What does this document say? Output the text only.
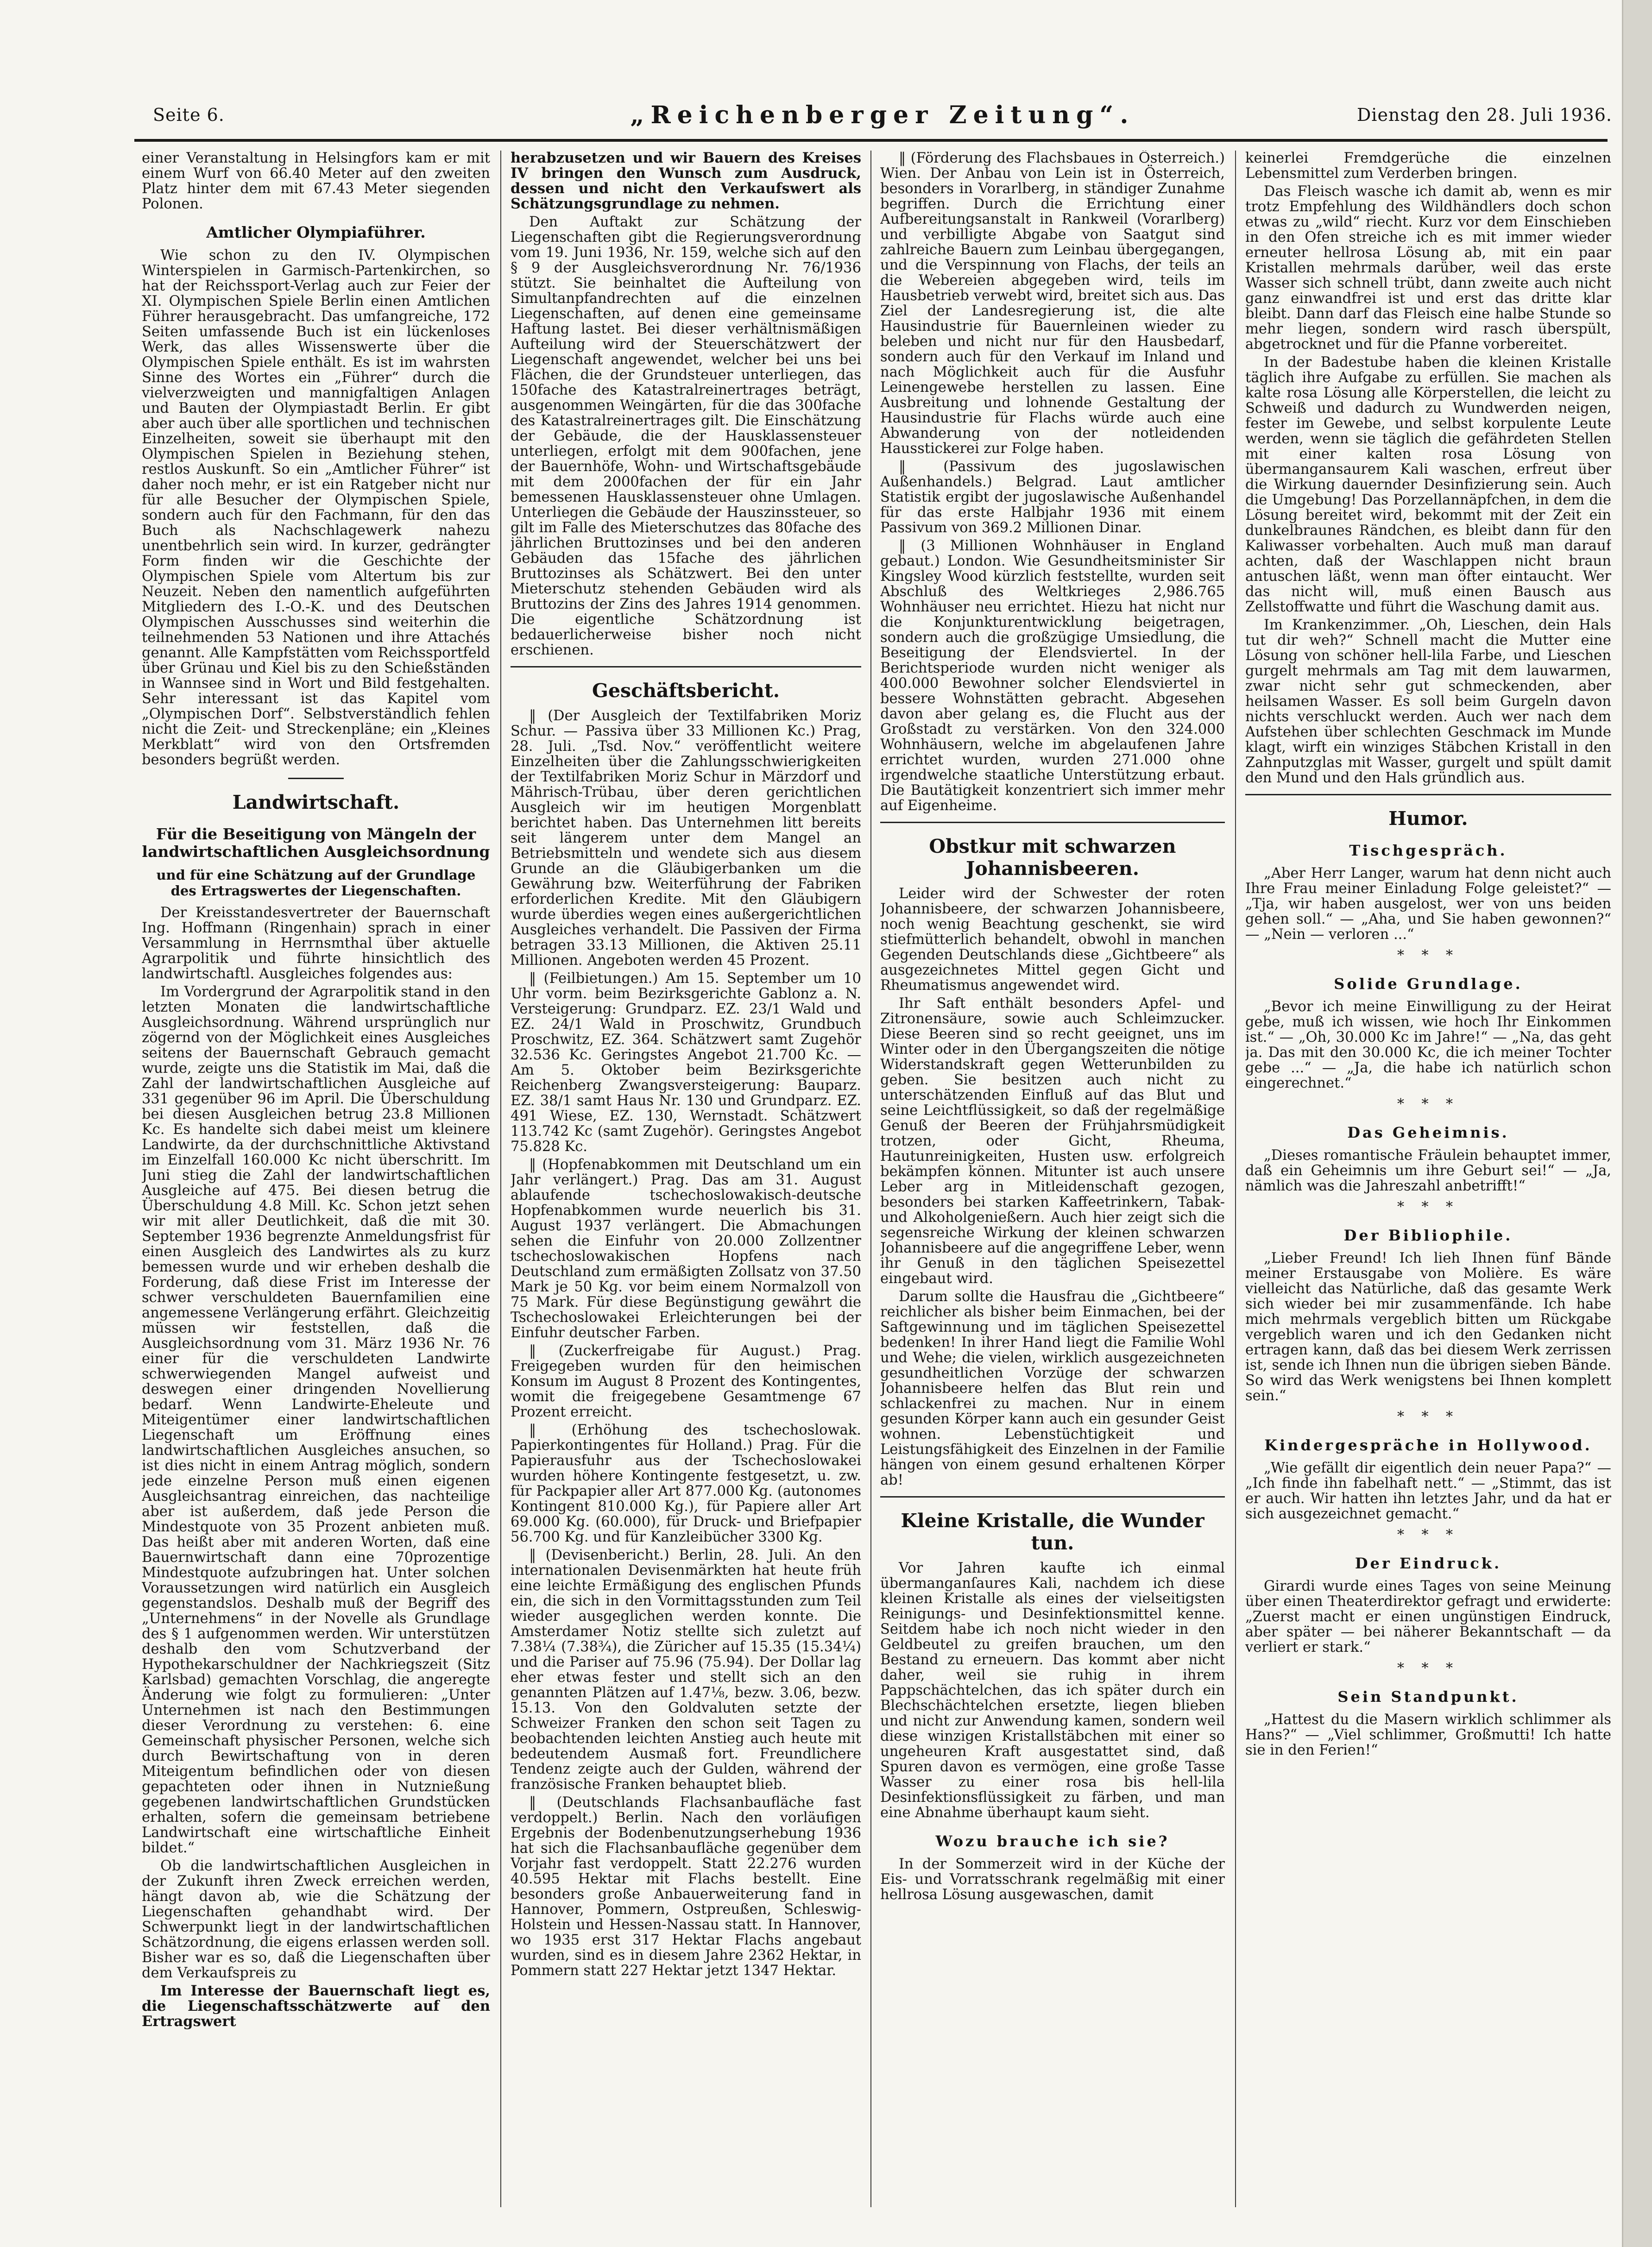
Seite 6.	„Reichenberger Zeitung“.	Dienstag den 28. Juli 1936.

einer Veranstaltung in Helsingfors kam er mit einem Wurf von 66.40 Meter auf den zweiten Platz hinter dem mit 67.43 Meter siegenden Polonen.

Amtlicher Olympiaführer.

Wie schon zu den IV. Olympischen Winterspielen in Garmisch-Partenkirchen, so hat der Reichssport-Verlag auch zur Feier der XI. Olympischen Spiele Berlin einen Amtlichen Führer herausgebracht. Das umfangreiche, 172 Seiten umfassende Buch ist ein lückenloses Werk, das alles Wissenswerte über die Olympischen Spiele enthält. Es ist im wahrsten Sinne des Wortes ein „Führer“ durch die vielverzweigten und mannigfaltigen Anlagen und Bauten der Olympiastadt Berlin. Er gibt aber auch über alle sportlichen und technischen Einzelheiten, soweit sie überhaupt mit den Olympischen Spielen in Beziehung stehen, restlos Auskunft. So ein „Amtlicher Führer“ ist daher noch mehr, er ist ein Ratgeber nicht nur für alle Besucher der Olympischen Spiele, sondern auch für den Fachmann, für den das Buch als Nachschlagewerk nahezu unentbehrlich sein wird. In kurzer, gedrängter Form finden wir die Geschichte der Olympischen Spiele vom Altertum bis zur Neuzeit. Neben den namentlich aufgeführten Mitgliedern des I.-O.-K. und des Deutschen Olympischen Ausschusses sind weiterhin die teilnehmenden 53 Nationen und ihre Attachés genannt. Alle Kampfstätten vom Reichssportfeld über Grünau und Kiel bis zu den Schießständen in Wannsee sind in Wort und Bild festgehalten. Sehr interessant ist das Kapitel vom „Olympischen Dorf“. Selbstverständlich fehlen nicht die Zeit- und Streckenpläne; ein „Kleines Merkblatt“ wird von den Ortsfremden besonders begrüßt werden.

Landwirtschaft.
Für die Beseitigung von Mängeln der landwirtschaftlichen Ausgleichsordnung
und für eine Schätzung auf der Grundlage des Ertragswertes der Liegenschaften.

Der Kreisstandesvertreter der Bauernschaft Ing. Hoffmann (Ringenhain) sprach in einer Versammlung in Herrnsmthal über aktuelle Agrarpolitik und führte hinsichtlich des landwirtschaftl. Ausgleiches folgendes aus:

Im Vordergrund der Agrarpolitik stand in den letzten Monaten die landwirtschaftliche Ausgleichsordnung. Während ursprünglich nur zögernd von der Möglichkeit eines Ausgleiches seitens der Bauernschaft Gebrauch gemacht wurde, zeigte uns die Statistik im Mai, daß die Zahl der landwirtschaftlichen Ausgleiche auf 331 gegenüber 96 im April. Die Überschuldung bei diesen Ausgleichen betrug 23.8 Millionen Kc. Es handelte sich dabei meist um kleinere Landwirte, da der durchschnittliche Aktivstand im Einzelfall 160.000 Kc nicht überschritt. Im Juni stieg die Zahl der landwirtschaftlichen Ausgleiche auf 475. Bei diesen betrug die Überschuldung 4.8 Mill. Kc. Schon jetzt sehen wir mit aller Deutlichkeit, daß die mit 30. September 1936 begrenzte Anmeldungsfrist für einen Ausgleich des Landwirtes als zu kurz bemessen wurde und wir erheben deshalb die Forderung, daß diese Frist im Interesse der schwer verschuldeten Bauernfamilien eine angemessene Verlängerung erfährt. Gleichzeitig müssen wir feststellen, daß die Ausgleichsordnung vom 31. März 1936 Nr. 76 einer für die verschuldeten Landwirte schwerwiegenden Mangel aufweist und deswegen einer dringenden Novellierung bedarf. Wenn Landwirte-Eheleute und Miteigentümer einer landwirtschaftlichen Liegenschaft um Eröffnung eines landwirtschaftlichen Ausgleiches ansuchen, so ist dies nicht in einem Antrag möglich, sondern jede einzelne Person muß einen eigenen Ausgleichsantrag einreichen, das nachteilige aber ist außerdem, daß jede Person die Mindestquote von 35 Prozent anbieten muß. Das heißt aber mit anderen Worten, daß eine Bauernwirtschaft dann eine 70prozentige Mindestquote aufzubringen hat. Unter solchen Voraussetzungen wird natürlich ein Ausgleich gegenstandslos. Deshalb muß der Begriff des „Unternehmens“ in der Novelle als Grundlage des § 1 aufgenommen werden. Wir unterstützen deshalb den vom Schutzverband der Hypothekarschuldner der Nachkriegszeit (Sitz Karlsbad) gemachten Vorschlag, die angeregte Änderung wie folgt zu formulieren: „Unter Unternehmen ist nach den Bestimmungen dieser Verordnung zu verstehen: 6. eine Gemeinschaft physischer Personen, welche sich durch Bewirtschaftung von in deren Miteigentum befindlichen oder von diesen gepachteten oder ihnen in Nutznießung gegebenen landwirtschaftlichen Grundstücken erhalten, sofern die gemeinsam betriebene Landwirtschaft eine wirtschaftliche Einheit bildet.“

Ob die landwirtschaftlichen Ausgleichen in der Zukunft ihren Zweck erreichen werden, hängt davon ab, wie die Schätzung der Liegenschaften gehandhabt wird. Der Schwerpunkt liegt in der landwirtschaftlichen Schätzordnung, die eigens erlassen werden soll. Bisher war es so, daß die Liegenschaften über dem Verkaufspreis zu

Im Interesse der Bauernschaft liegt es, die Liegenschaftsschätzwerte auf den Ertragswert

herabzusetzen und wir Bauern des Kreises IV bringen den Wunsch zum Ausdruck, dessen und nicht den Verkaufswert als Schätzungsgrundlage zu nehmen.

Den Auftakt zur Schätzung der Liegenschaften gibt die Regierungsverordnung vom 19. Juni 1936, Nr. 159, welche sich auf den § 9 der Ausgleichsverordnung Nr. 76/1936 stützt. Sie beinhaltet die Aufteilung von Simultanpfandrechten auf die einzelnen Liegenschaften, auf denen eine gemeinsame Haftung lastet. Bei dieser verhältnismäßigen Aufteilung wird der Steuerschätzwert der Liegenschaft angewendet, welcher bei uns bei Flächen, die der Grundsteuer unterliegen, das 150fache des Katastralreinertrages beträgt, ausgenommen Weingärten, für die das 300fache des Katastralreinertrages gilt. Die Einschätzung der Gebäude, die der Hausklassensteuer unterliegen, erfolgt mit dem 900fachen, jene der Bauernhöfe, Wohn- und Wirtschaftsgebäude mit dem 2000fachen der für ein Jahr bemessenen Hausklassensteuer ohne Umlagen. Unterliegen die Gebäude der Hauszinssteuer, so gilt im Falle des Mieterschutzes das 80fache des jährlichen Bruttozinses und bei den anderen Gebäuden das 15fache des jährlichen Bruttozinses als Schätzwert. Bei den unter Mieterschutz stehenden Gebäuden wird als Bruttozins der Zins des Jahres 1914 genommen. Die eigentliche Schätzordnung ist bedauerlicherweise bisher noch nicht erschienen.

Geschäftsbericht.

‖ (Der Ausgleich der Textilfabriken Moriz Schur. — Passiva über 33 Millionen Kc.) Prag, 28. Juli. „Tsd. Nov.“ veröffentlicht weitere Einzelheiten über die Zahlungsschwierigkeiten der Textilfabriken Moriz Schur in Märzdorf und Mährisch-Trübau, über deren gerichtlichen Ausgleich wir im heutigen Morgenblatt berichtet haben. Das Unternehmen litt bereits seit längerem unter dem Mangel an Betriebsmitteln und wendete sich aus diesem Grunde an die Gläubigerbanken um die Gewährung bzw. Weiterführung der Fabriken erforderlichen Kredite. Mit den Gläubigern wurde überdies wegen eines außergerichtlichen Ausgleiches verhandelt. Die Passiven der Firma betragen 33.13 Millionen, die Aktiven 25.11 Millionen. Angeboten werden 45 Prozent.

‖ (Feilbietungen.) Am 15. September um 10 Uhr vorm. beim Bezirksgerichte Gablonz a. N. Versteigerung: Grundparz. EZ. 23/1 Wald und EZ. 24/1 Wald in Proschwitz, Grundbuch Proschwitz, EZ. 364. Schätzwert samt Zugehör 32.536 Kc. Geringstes Angebot 21.700 Kc. — Am 5. Oktober beim Bezirksgerichte Reichenberg Zwangsversteigerung: Bauparz. EZ. 38/1 samt Haus Nr. 130 und Grundparz. EZ. 491 Wiese, EZ. 130, Wernstadt. Schätzwert 113.742 Kc (samt Zugehör). Geringstes Angebot 75.828 Kc.

‖ (Hopfenabkommen mit Deutschland um ein Jahr verlängert.) Prag. Das am 31. August ablaufende tschechoslowakisch-deutsche Hopfenabkommen wurde neuerlich bis 31. August 1937 verlängert. Die Abmachungen sehen die Einfuhr von 20.000 Zollzentner tschechoslowakischen Hopfens nach Deutschland zum ermäßigten Zollsatz von 37.50 Mark je 50 Kg. vor beim einem Normalzoll von 75 Mark. Für diese Begünstigung gewährt die Tschechoslowakei Erleichterungen bei der Einfuhr deutscher Farben.

‖ (Zuckerfreigabe für August.) Prag. Freigegeben wurden für den heimischen Konsum im August 8 Prozent des Kontingentes, womit die freigegebene Gesamtmenge 67 Prozent erreicht.

‖ (Erhöhung des tschechoslowak. Papierkontingentes für Holland.) Prag. Für die Papierausfuhr aus der Tschechoslowakei wurden höhere Kontingente festgesetzt, u. zw. für Packpapier aller Art 877.000 Kg. (autonomes Kontingent 810.000 Kg.), für Papiere aller Art 69.000 Kg. (60.000), für Druck- und Briefpapier 56.700 Kg. und für Kanzleibücher 3300 Kg.

‖ (Devisenbericht.) Berlin, 28. Juli. An den internationalen Devisenmärkten hat heute früh eine leichte Ermäßigung des englischen Pfunds ein, die sich in den Vormittagsstunden zum Teil wieder ausgeglichen werden konnte. Die Amsterdamer Notiz stellte sich zuletzt auf 7.38¼ (7.38¾), die Züricher auf 15.35 (15.34¼) und die Pariser auf 75.96 (75.94). Der Dollar lag eher etwas fester und stellt sich an den genannten Plätzen auf 1.47⅛, bezw. 3.06, bezw. 15.13. Von den Goldvaluten setzte der Schweizer Franken den schon seit Tagen zu beobachtenden leichten Anstieg auch heute mit bedeutendem Ausmaß fort. Freundlichere Tendenz zeigte auch der Gulden, während der französische Franken behauptet blieb.

‖ (Deutschlands Flachsanbaufläche fast verdoppelt.) Berlin. Nach den vorläufigen Ergebnis der Bodenbenutzungserhebung 1936 hat sich die Flachsanbaufläche gegenüber dem Vorjahr fast verdoppelt. Statt 22.276 wurden 40.595 Hektar mit Flachs bestellt. Eine besonders große Anbauerweiterung fand in Hannover, Pommern, Ostpreußen, Schleswig-Holstein und Hessen-Nassau statt. In Hannover, wo 1935 erst 317 Hektar Flachs angebaut wurden, sind es in diesem Jahre 2362 Hektar, in Pommern statt 227 Hektar jetzt 1347 Hektar.

‖ (Förderung des Flachsbaues in Österreich.) Wien. Der Anbau von Lein ist in Österreich, besonders in Vorarlberg, in ständiger Zunahme begriffen. Durch die Errichtung einer Aufbereitungsanstalt in Rankweil (Vorarlberg) und verbilligte Abgabe von Saatgut sind zahlreiche Bauern zum Leinbau übergegangen, und die Verspinnung von Flachs, der teils an die Webereien abgegeben wird, teils im Hausbetrieb verwebt wird, breitet sich aus. Das Ziel der Landesregierung ist, die alte Hausindustrie für Bauernleinen wieder zu beleben und nicht nur für den Hausbedarf, sondern auch für den Verkauf im Inland und nach Möglichkeit auch für die Ausfuhr Leinengewebe herstellen zu lassen. Eine Ausbreitung und lohnende Gestaltung der Hausindustrie für Flachs würde auch eine Abwanderung von der notleidenden Hausstickerei zur Folge haben.

‖ (Passivum des jugoslawischen Außenhandels.) Belgrad. Laut amtlicher Statistik ergibt der jugoslawische Außenhandel für das erste Halbjahr 1936 mit einem Passivum von 369.2 Millionen Dinar.

‖ (3 Millionen Wohnhäuser in England gebaut.) London. Wie Gesundheitsminister Sir Kingsley Wood kürzlich feststellte, wurden seit Abschluß des Weltkrieges 2,986.765 Wohnhäuser neu errichtet. Hiezu hat nicht nur die Konjunkturentwicklung beigetragen, sondern auch die großzügige Umsiedlung, die Beseitigung der Elendsviertel. In der Berichtsperiode wurden nicht weniger als 400.000 Bewohner solcher Elendsviertel in bessere Wohnstätten gebracht. Abgesehen davon aber gelang es, die Flucht aus der Großstadt zu verstärken. Von den 324.000 Wohnhäusern, welche im abgelaufenen Jahre errichtet wurden, wurden 271.000 ohne irgendwelche staatliche Unterstützung erbaut. Die Bautätigkeit konzentriert sich immer mehr auf Eigenheime.

Obstkur mit schwarzen Johannisbeeren.

Leider wird der Schwester der roten Johannisbeere, der schwarzen Johannisbeere, noch wenig Beachtung geschenkt, sie wird stiefmütterlich behandelt, obwohl in manchen Gegenden Deutschlands diese „Gichtbeere“ als ausgezeichnetes Mittel gegen Gicht und Rheumatismus angewendet wird.

Ihr Saft enthält besonders Apfel- und Zitronensäure, sowie auch Schleimzucker. Diese Beeren sind so recht geeignet, uns im Winter oder in den Übergangszeiten die nötige Widerstandskraft gegen Wetterunbilden zu geben. Sie besitzen auch nicht zu unterschätzenden Einfluß auf das Blut und seine Leichtflüssigkeit, so daß der regelmäßige Genuß der Beeren der Frühjahrsmüdigkeit trotzen, oder Gicht, Rheuma, Hautunreinigkeiten, Husten usw. erfolgreich bekämpfen können. Mitunter ist auch unsere Leber arg in Mitleidenschaft gezogen, besonders bei starken Kaffeetrinkern, Tabak- und Alkoholgenießern. Auch hier zeigt sich die segensreiche Wirkung der kleinen schwarzen Johannisbeere auf die angegriffene Leber, wenn ihr Genuß in den täglichen Speisezettel eingebaut wird.

Darum sollte die Hausfrau die „Gichtbeere“ reichlicher als bisher beim Einmachen, bei der Saftgewinnung und im täglichen Speisezettel bedenken! In ihrer Hand liegt die Familie Wohl und Wehe; die vielen, wirklich ausgezeichneten gesundheitlichen Vorzüge der schwarzen Johannisbeere helfen das Blut rein und schlackenfrei zu machen. Nur in einem gesunden Körper kann auch ein gesunder Geist wohnen. Lebenstüchtigkeit und Leistungsfähigkeit des Einzelnen in der Familie hängen von einem gesund erhaltenen Körper ab!

Kleine Kristalle, die Wunder tun.

Vor Jahren kaufte ich einmal übermanganſaures Kali, nachdem ich diese kleinen Kristalle als eines der vielseitigsten Reinigungs- und Desinfektionsmittel kenne. Seitdem habe ich noch nicht wieder in den Geldbeutel zu greifen brauchen, um den Bestand zu erneuern. Das kommt aber nicht daher, weil sie ruhig in ihrem Pappschächtelchen, das ich später durch ein Blechschächtelchen ersetzte, liegen blieben und nicht zur Anwendung kamen, sondern weil diese winzigen Kristallstäbchen mit einer so ungeheuren Kraft ausgestattet sind, daß Spuren davon es vermögen, eine große Tasse Wasser zu einer rosa bis hell-lila Desinfektionsflüssigkeit zu färben, und man eine Abnahme überhaupt kaum sieht.

Wozu brauche ich sie?

In der Sommerzeit wird in der Küche der Eis- und Vorratsschrank regelmäßig mit einer hellrosa Lösung ausgewaschen, damit

keinerlei Fremdgerüche die einzelnen Lebensmittel zum Verderben bringen.

Das Fleisch wasche ich damit ab, wenn es mir trotz Empfehlung des Wildhändlers doch schon etwas zu „wild“ riecht. Kurz vor dem Einschieben in den Ofen streiche ich es mit immer wieder erneuter hellrosa Lösung ab, mit ein paar Kristallen mehrmals darüber, weil das erste Wasser sich schnell trübt, dann zweite auch nicht ganz einwandfrei ist und erst das dritte klar bleibt. Dann darf das Fleisch eine halbe Stunde so mehr liegen, sondern wird rasch überspült, abgetrocknet und für die Pfanne vorbereitet.

In der Badestube haben die kleinen Kristalle täglich ihre Aufgabe zu erfüllen. Sie machen als kalte rosa Lösung alle Körperstellen, die leicht zu Schweiß und dadurch zu Wundwerden neigen, fester im Gewebe, und selbst korpulente Leute werden, wenn sie täglich die gefährdeten Stellen mit einer kalten rosa Lösung von übermangansaurem Kali waschen, erfreut über die Wirkung dauernder Desinfizierung sein. Auch die Umgebung! Das Porzellannäpfchen, in dem die Lösung bereitet wird, bekommt mit der Zeit ein dunkelbraunes Rändchen, es bleibt dann für den Kaliwasser vorbehalten. Auch muß man darauf achten, daß der Waschlappen nicht braun antuschen läßt, wenn man öfter eintaucht. Wer das nicht will, muß einen Bausch aus Zellstoffwatte und führt die Waschung damit aus.

Im Krankenzimmer. „Oh, Lieschen, dein Hals tut dir weh?“ Schnell macht die Mutter eine Lösung von schöner hell-lila Farbe, und Lieschen gurgelt mehrmals am Tag mit dem lauwarmen, zwar nicht sehr gut schmeckenden, aber heilsamen Wasser. Es soll beim Gurgeln davon nichts verschluckt werden. Auch wer nach dem Aufstehen über schlechten Geschmack im Munde klagt, wirft ein winziges Stäbchen Kristall in den Zahnputzglas mit Wasser, gurgelt und spült damit den Mund und den Hals gründlich aus.

Humor.
Tischgespräch.

„Aber Herr Langer, warum hat denn nicht auch Ihre Frau meiner Einladung Folge geleistet?“ — „Tja, wir haben ausgelost, wer von uns beiden gehen soll.“ — „Aha, und Sie haben gewonnen?“ — „Nein — verloren ...“

* * *
Solide Grundlage.

„Bevor ich meine Einwilligung zu der Heirat gebe, muß ich wissen, wie hoch Ihr Einkommen ist.“ — „Oh, 30.000 Kc im Jahre!“ — „Na, das geht ja. Das mit den 30.000 Kc, die ich meiner Tochter gebe ...“ — „Ja, die habe ich natürlich schon eingerechnet.“

* * *
Das Geheimnis.

„Dieses romantische Fräulein behauptet immer, daß ein Geheimnis um ihre Geburt sei!“ — „Ja, nämlich was die Jahreszahl anbetrifft!“

* * *
Der Bibliophile.

„Lieber Freund! Ich lieh Ihnen fünf Bände meiner Erstausgabe von Molière. Es wäre vielleicht das Natürliche, daß das gesamte Werk sich wieder bei mir zusammenfände. Ich habe mich mehrmals vergeblich bitten um Rückgabe vergeblich waren und ich den Gedanken nicht ertragen kann, daß das bei diesem Werk zerrissen ist, sende ich Ihnen nun die übrigen sieben Bände. So wird das Werk wenigstens bei Ihnen komplett sein.“

* * *
Kindergespräche in Hollywood.

„Wie gefällt dir eigentlich dein neuer Papa?“ — „Ich finde ihn fabelhaft nett.“ — „Stimmt, das ist er auch. Wir hatten ihn letztes Jahr, und da hat er sich ausgezeichnet gemacht.“

* * *
Der Eindruck.

Girardi wurde eines Tages von seine Meinung über einen Theaterdirektor gefragt und erwiderte: „Zuerst macht er einen ungünstigen Eindruck, aber später — bei näherer Bekanntschaft — da verliert er stark.“

* * *
Sein Standpunkt.

„Hattest du die Masern wirklich schlimmer als Hans?“ — „Viel schlimmer, Großmutti! Ich hatte sie in den Ferien!“
